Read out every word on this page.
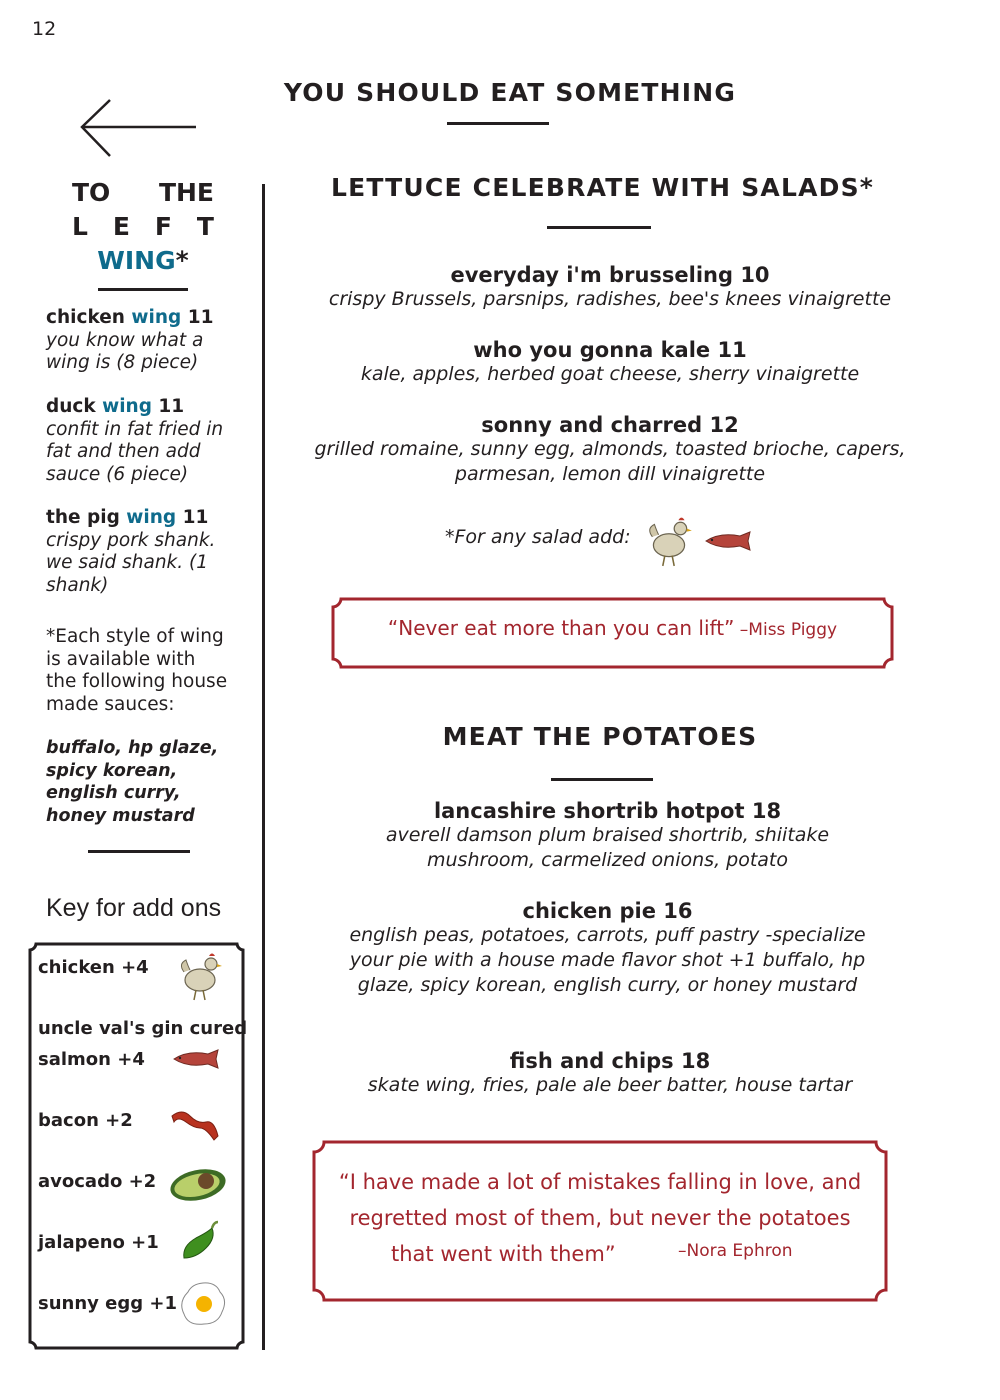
12
YOU SHOULD EAT SOMETHING
TO THE
L E F T
WING *
chicken wing 11
you know what a wing is (8 piece)
duck wing 11
confit in fat fried in fat and then add sauce (6 piece)
the pig wing 11
crispy pork shank. we said shank. (1 shank)
*Each style of wing is available with the following house made sauces:
buffalo, hp glaze, spicy korean, english curry, honey mustard
Key for add ons
chicken +4
uncle val's gin cured
salmon +4
bacon +2
avocado +2
jalapeno +1
sunny egg +1
LETTUCE CELEBRATE WITH SALADS*
everyday i'm brusseling 10
crispy Brussels, parsnips, radishes, bee's knees vinaigrette
who you gonna kale 11
kale, apples, herbed goat cheese, sherry vinaigrette
sonny and charred 12
grilled romaine, sunny egg, almonds, toasted brioche, capers, parmesan, lemon dill vinaigrette
*For any salad add:
“Never eat more than you can lift” –Miss Piggy
MEAT THE POTATOES
lancashire shortrib hotpot 18
averell damson plum braised shortrib, shiitake mushroom, carmelized onions, potato
chicken pie 16
english peas, potatoes, carrots, puff pastry -specialize your pie with a house made flavor shot +1 buffalo, hp glaze, spicy korean, english curry, or honey mustard
fish and chips 18
skate wing, fries, pale ale beer batter, house tartar
“I have made a lot of mistakes falling in love, and
regretted most of them, but never the potatoes
that went with them”	–Nora Ephron
